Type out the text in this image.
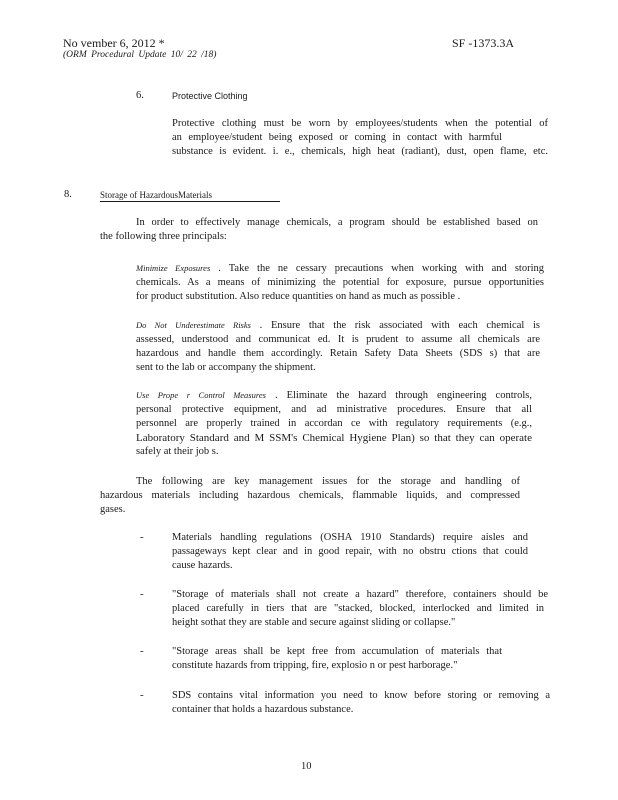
No vember 6, 2012 *	SF -1373.3A
(ORM Procedural Update 10/ 22 /18)
6.	Protective Clothing
Protective clothing must be worn by employees/students when the potential of
an employee/student being exposed or coming in contact with harmful
substance is evident. i. e., chemicals, high heat (radiant), dust, open flame, etc.
8.	Storage of HazardousMaterials
In order to effectively manage chemicals, a program should be established based on
the following three principals:
Minimize Exposures . Take the ne cessary precautions when working with and storing
chemicals. As a means of minimizing the potential for exposure, pursue opportunities
for product substitution. Also reduce quantities on hand as much as possible .
Do Not Underestimate Risks . Ensure that the risk associated with each chemical is
assessed, understood and communicat ed. It is prudent to assume all chemicals are
hazardous and handle them accordingly. Retain Safety Data Sheets (SDS s) that are
sent to the lab or accompany the shipment.
Use Prope r Control Measures . Eliminate the hazard through engineering controls,
personal protective equipment, and ad ministrative procedures. Ensure that all
personnel are properly trained in accordan ce with regulatory requirements (e.g.,
Laboratory Standard and M SSM's Chemical Hygiene Plan) so that they can operate
safely at their job s.
The following are key management issues for the storage and handling of
hazardous materials including hazardous chemicals, flammable liquids, and compressed
gases.
-	Materials handling regulations (OSHA 1910 Standards) require aisles and
passageways kept clear and in good repair, with no obstru ctions that could
cause hazards.
-	"Storage of materials shall not create a hazard" therefore, containers should be
placed carefully in tiers that are "stacked, blocked, interlocked and limited in
height sothat they are stable and secure against sliding or collapse."
-	"Storage areas shall be kept free from accumulation of materials that
constitute hazards from tripping, fire, explosio n or pest harborage."
-	SDS contains vital information you need to know before storing or removing a
container that holds a hazardous substance.
10
